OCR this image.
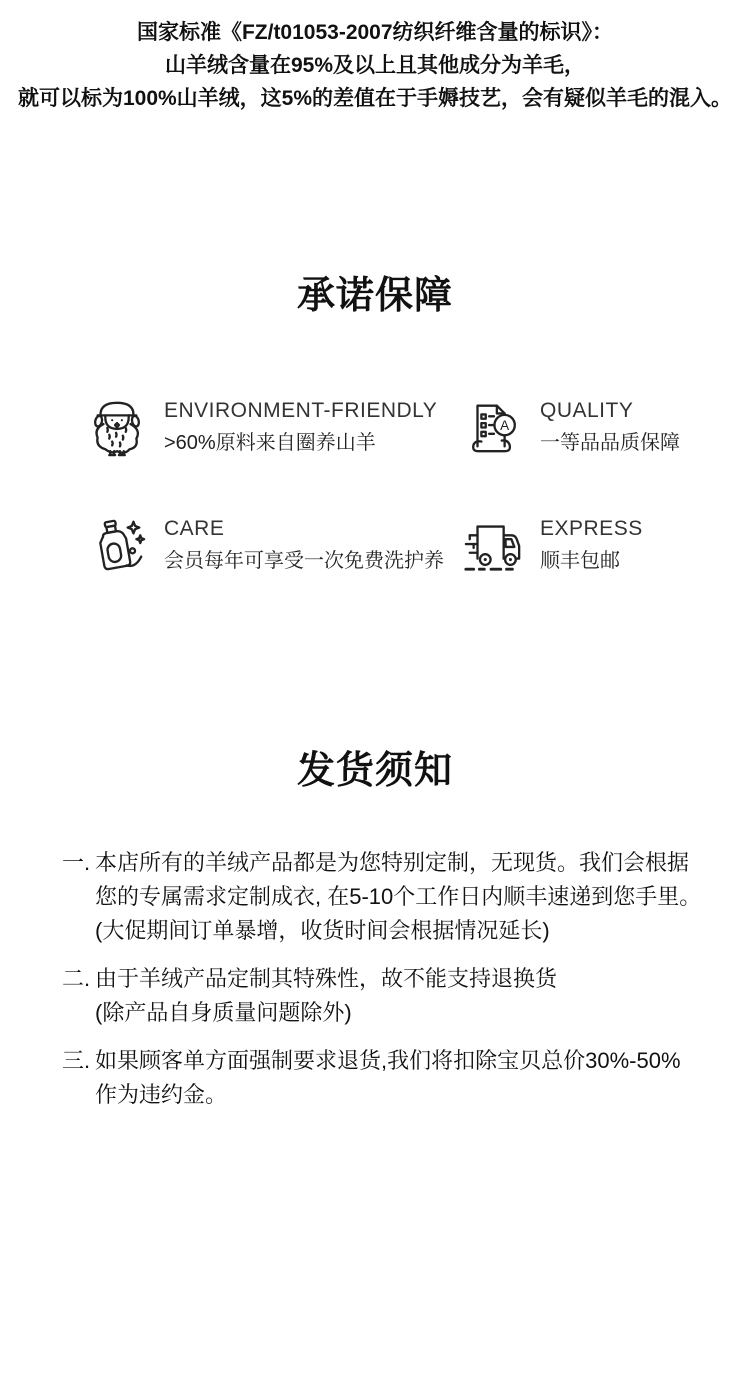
国家标准《FZ/t01053-2007纺织纤维含量的标识》：

山羊绒含量在95%及以上且其他成分为羊毛，

就可以标为100%山羊绒，这5%的差值在于手媷技艺，会有疑似羊毛的混入。

承诺保障
ENVIRONMENT-FRIENDLY
>60%原料来自圈养山羊
A
QUALITY
一等品品质保障
CARE
会员每年可享受一次免费洗护养
EXPRESS
顺丰包邮
发货须知
一. 本店所有的羊绒产品都是为您特别定制，无现货。我们会根据
您的专属需求定制成衣, 在5-10个工作日内顺丰速递到您手里。
(大促期间订单暴增，收货时间会根据情况延长)
二. 由于羊绒产品定制其特殊性，故不能支持退换货
(除产品自身质量问题除外)
三. 如果顾客单方面强制要求退货,我们将扣除宝贝总价30%-50%
作为违约金。
